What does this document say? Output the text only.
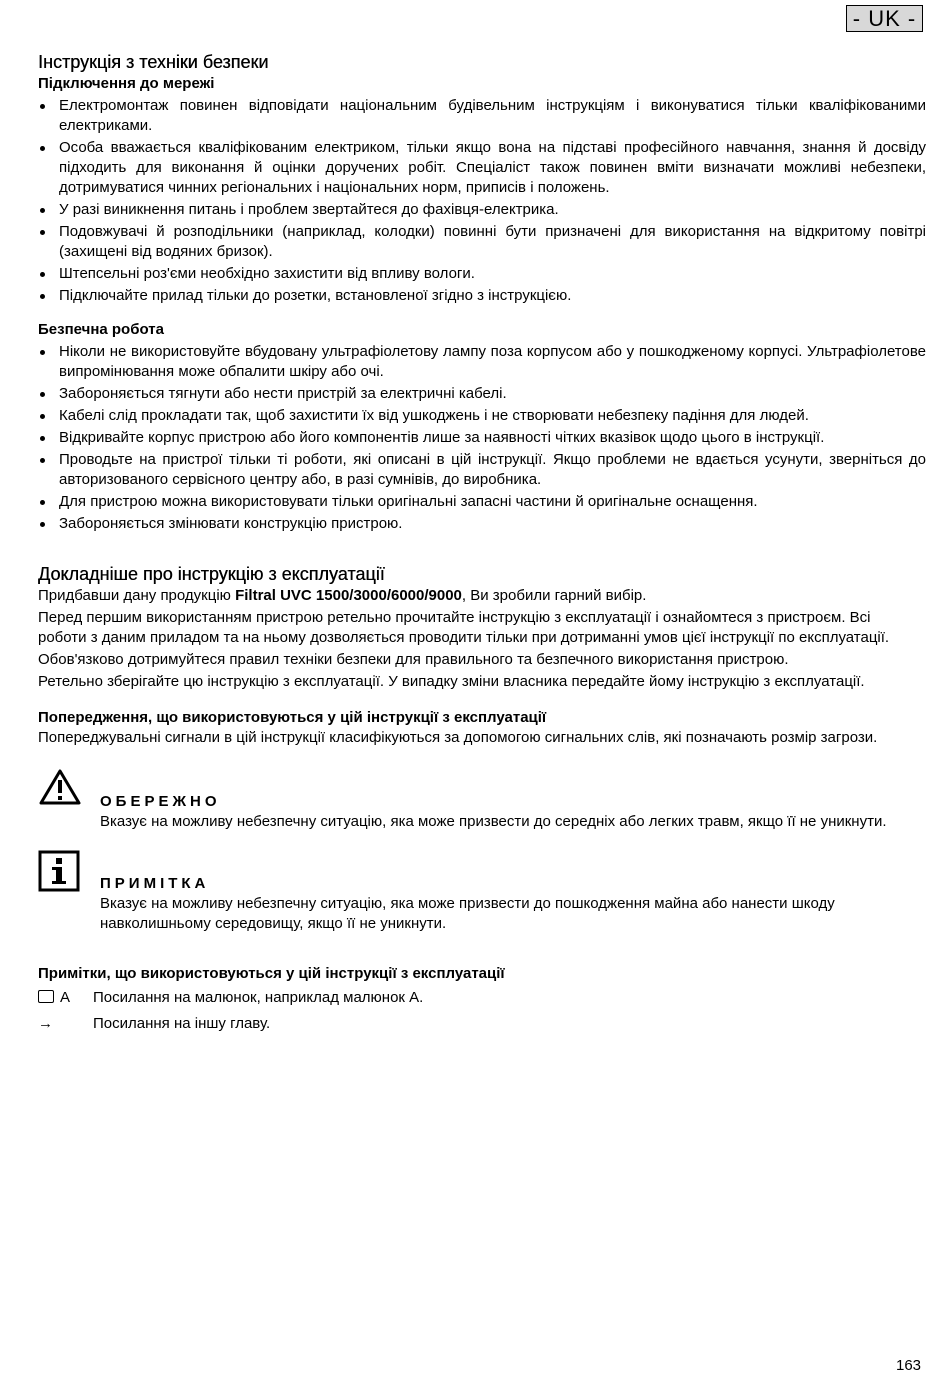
- UK -
Інструкція з техніки безпеки
Підключення до мережі
Електромонтаж повинен відповідати національним будівельним інструкціям і виконуватися тільки кваліфікованими електриками.
Особа вважається кваліфікованим електриком, тільки якщо вона на підставі професійного навчання, знання й досвіду підходить для виконання й оцінки доручених робіт. Спеціаліст також повинен вміти визначати можливі небезпеки, дотримуватися чинних регіональних і національних норм, приписів і положень.
У разі виникнення питань і проблем звертайтеся до фахівця-електрика.
Подовжувачі й розподільники (наприклад, колодки) повинні бути призначені для використання на відкритому повітрі (захищені від водяних бризок).
Штепсельні роз'єми необхідно захистити від впливу вологи.
Підключайте прилад тільки до розетки, встановленої згідно з інструкцією.
Безпечна робота
Ніколи не використовуйте вбудовану ультрафіолетову лампу поза корпусом або у пошкодженому корпусі. Ультрафіолетове випромінювання може обпалити шкіру або очі.
Забороняється тягнути або нести пристрій за електричні кабелі.
Кабелі слід прокладати так, щоб захистити їх від ушкоджень і не створювати небезпеку падіння для людей.
Відкривайте корпус пристрою або його компонентів лише за наявності чітких вказівок щодо цього в інструкції.
Проводьте на пристрої тільки ті роботи, які описані в цій інструкції. Якщо проблеми не вдається усунути, зверніться до авторизованого сервісного центру або, в разі сумнівів, до виробника.
Для пристрою можна використовувати тільки оригінальні запасні частини й оригінальне оснащення.
Забороняється змінювати конструкцію пристрою.
Докладніше про інструкцію з експлуатації

Придбавши дану продукцію Filtral UVC 1500/3000/6000/9000, Ви зробили гарний вибір.

Перед першим використанням пристрою ретельно прочитайте інструкцію з експлуатації і ознайомтеся з пристроєм. Всі роботи з даним приладом та на ньому дозволяється проводити тільки при дотриманні умов цієї інструкції по експлуатації.

Обов'язково дотримуйтеся правил техніки безпеки для правильного та безпечного використання пристрою.

Ретельно зберігайте цю інструкцію з експлуатації. У випадку зміни власника передайте йому інструкцію з експлуатації.

Попередження, що використовуються у цій інструкції з експлуатації

Попереджувальні сигнали в цій інструкції класифікуються за допомогою сигнальних слів, які позначають розмір загрози.

ОБЕРЕЖНО

Вказує на можливу небезпечну ситуацію, яка може призвести до середніх або легких травм, якщо її не уникнути.

ПРИМІТКА

Вказує на можливу небезпечну ситуацію, яка може призвести до пошкодження майна або нанести шкоду навколишньому середовищу, якщо її не уникнути.

Примітки, що використовуються у цій інструкції з експлуатації
A Посилання на малюнок, наприклад малюнок А.
→	Посилання на іншу главу.
163
